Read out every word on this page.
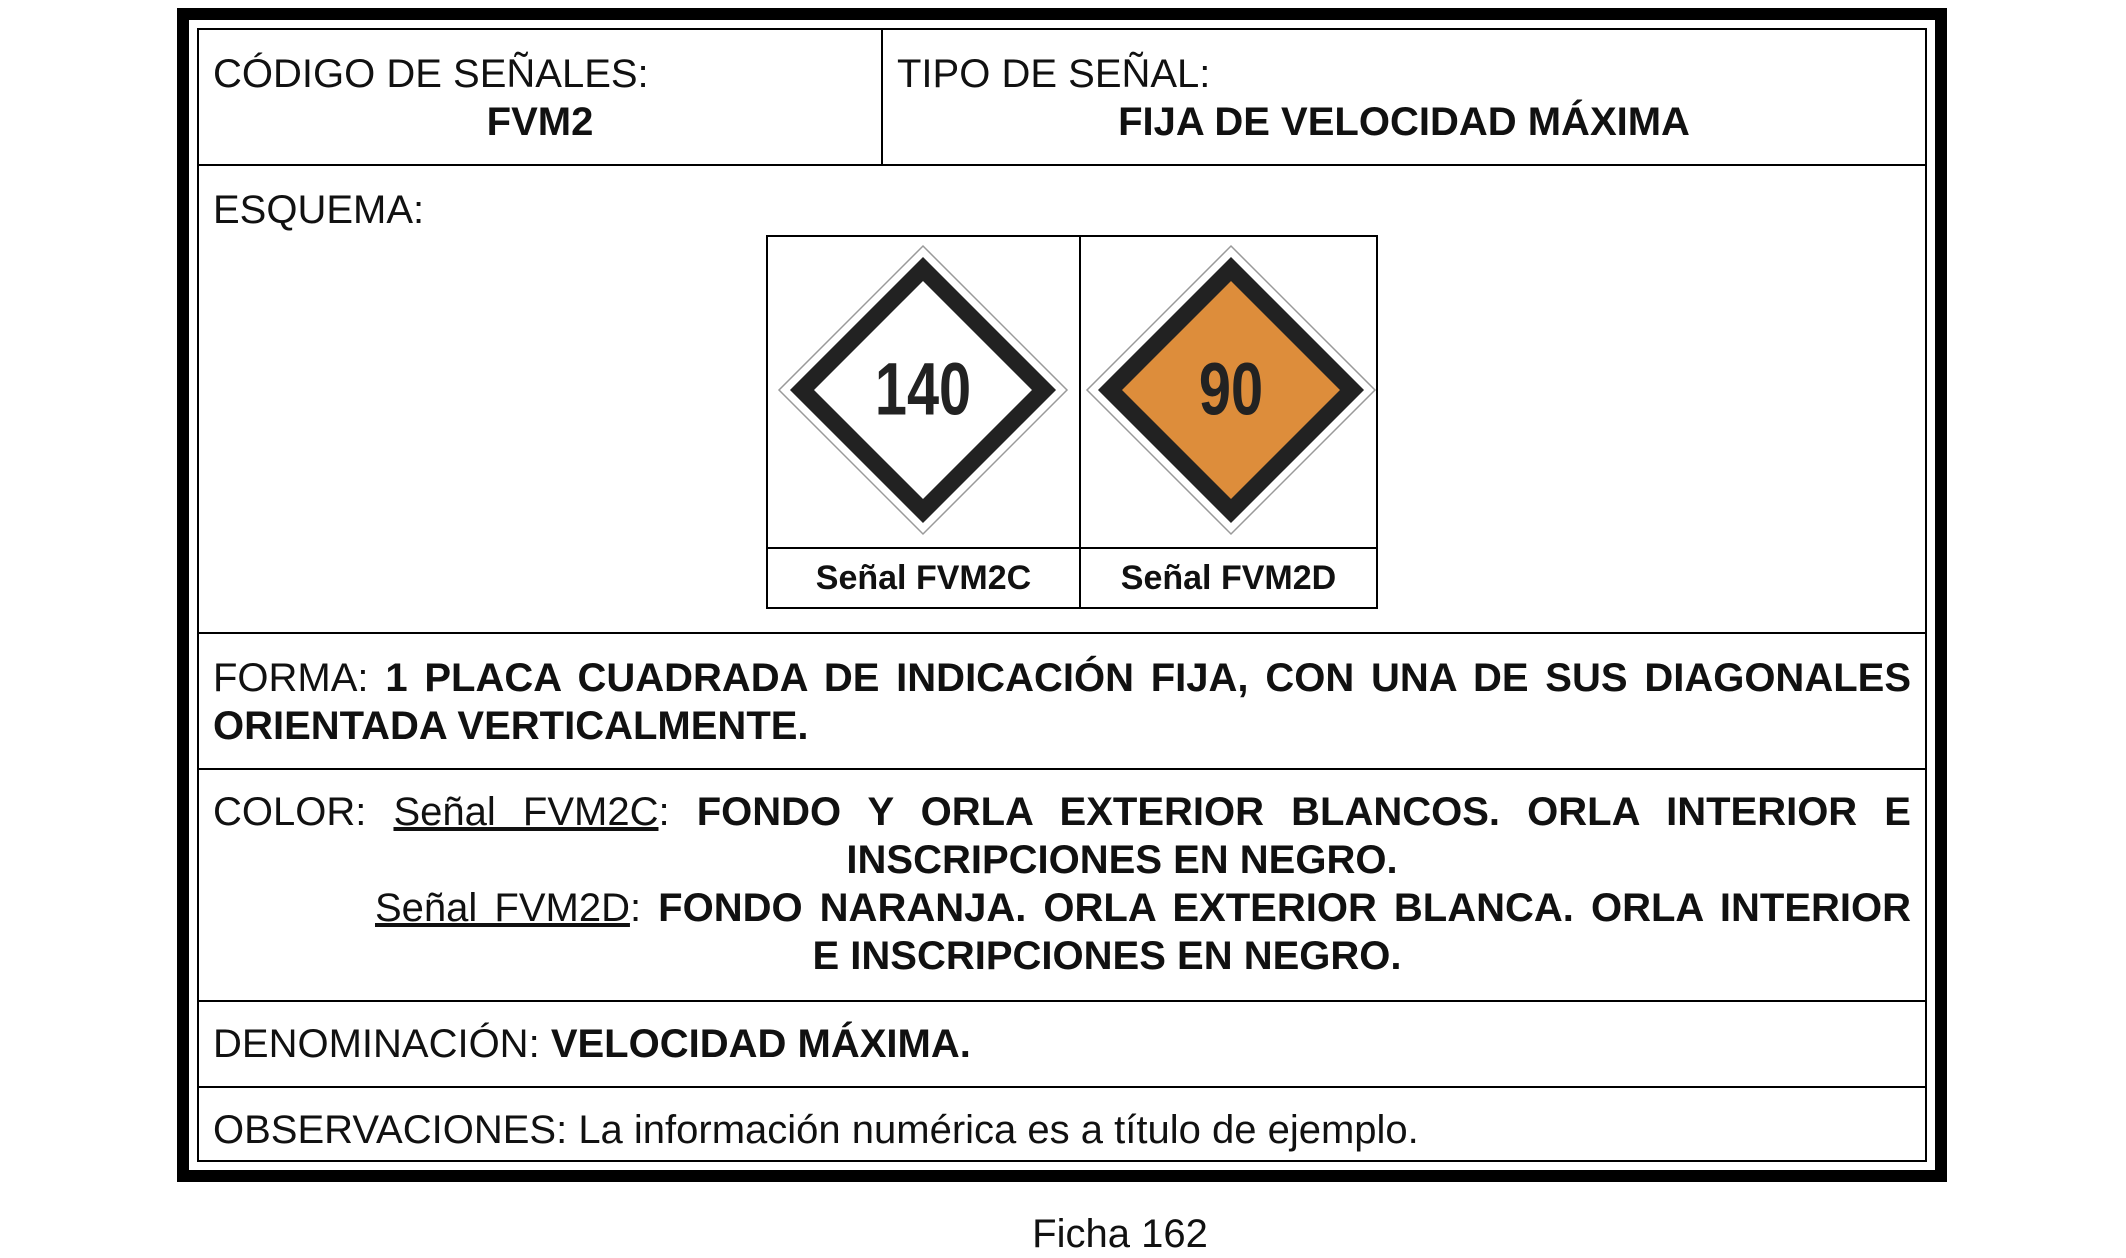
CÓDIGO DE SEÑALES:
FVM2
TIPO DE SEÑAL:
FIJA DE VELOCIDAD MÁXIMA
ESQUEMA:
140	90
Señal FVM2C	Señal FVM2D
FORMA: 1 PLACA CUADRADA DE INDICACIÓN FIJA, CON UNA DE SUS DIAGONALES ORIENTADA VERTICALMENTE.
COLOR: Señal FVM2C: FONDO Y ORLA EXTERIOR BLANCOS. ORLA INTERIOR E
INSCRIPCIONES EN NEGRO.
Señal FVM2D: FONDO NARANJA. ORLA EXTERIOR BLANCA. ORLA INTERIOR
E INSCRIPCIONES EN NEGRO.
DENOMINACIÓN: VELOCIDAD MÁXIMA.
OBSERVACIONES: La información numérica es a título de ejemplo.
Ficha 162
